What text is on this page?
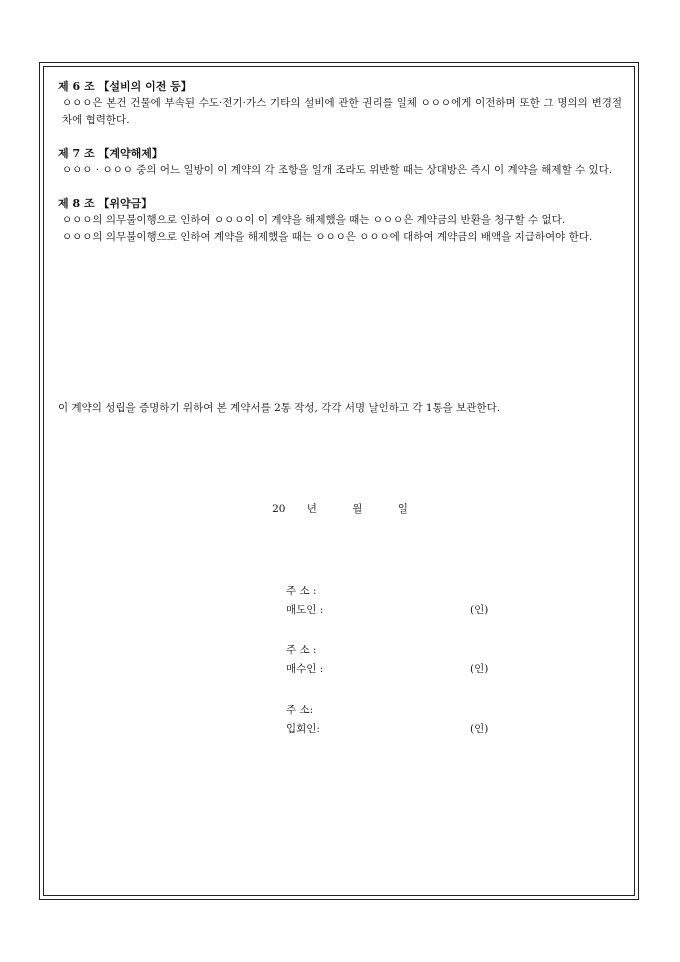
제 6 조 【설비의 이전 등】

ㅇㅇㅇ은 본건 건물에 부속된 수도·전기·가스 기타의 설비에 관한 권리를 일체 ㅇㅇㅇ에게 이전하며 또한 그 명의의 변경절차에 협력한다.

제 7 조 【계약해제】

ㅇㅇㅇ · ㅇㅇㅇ 중의 어느 일방이 이 계약의 각 조항을 일개 조라도 위반할 때는 상대방은 즉시 이 계약을 해제할 수 있다.

제 8 조 【위약금】

ㅇㅇㅇ의 의무불이행으로 인하여 ㅇㅇㅇ이 이 계약을 해제했을 때는 ㅇㅇㅇ은 계약금의 반환을 청구할 수 없다.

ㅇㅇㅇ의 의무불이행으로 인하여 계약을 해제했을 때는 ㅇㅇㅇ은 ㅇㅇㅇ에 대하여 계약금의 배액을 지급하여야 한다.

이 계약의 성립을 증명하기 위하여 본 계약서를 2통 작성, 각각 서명 날인하고 각 1통을 보관한다.

20 년	월	일
주 소 :
매도인 :	(인)
주 소 :
매수인 :	(인)
주 소:
입회인:	(인)
